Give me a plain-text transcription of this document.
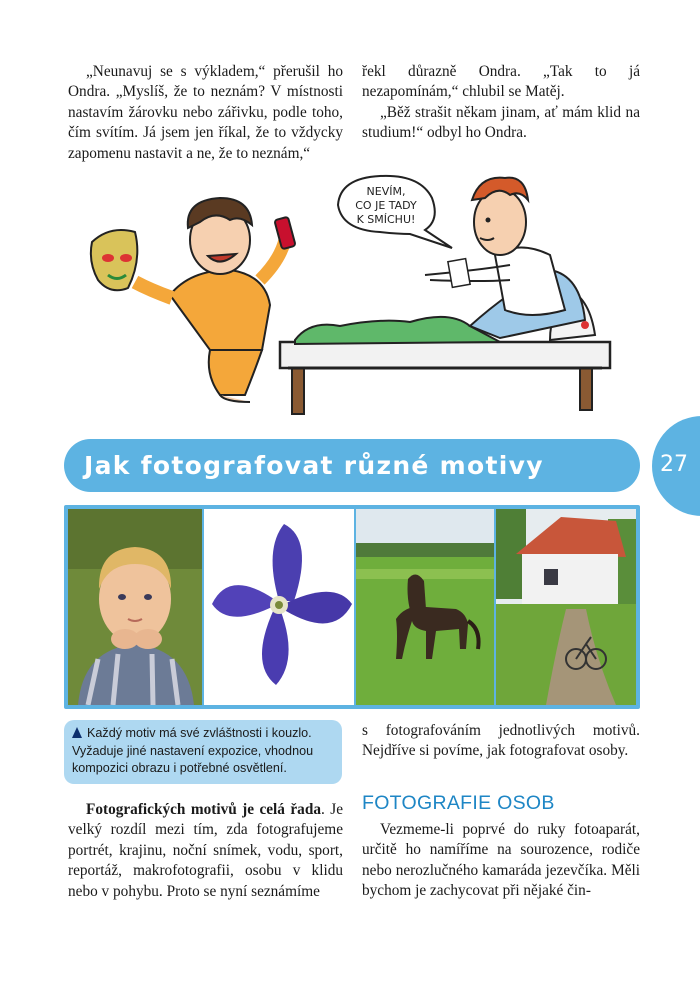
„Neunavuj se s výkladem,“ přerušil ho Ondra. „Myslíš, že to neznám? V místnosti nastavím žárovku nebo zářivku, podle toho, čím svítím. Já jsem jen říkal, že to vždycky zapomenu nastavit a ne, že to neznám,“

řekl důrazně Ondra. „Tak to já nezapomínám,“ chlubil se Matěj.

„Běž strašit někam jinam, ať mám klid na studium!“ odbyl ho Ondra.

NEVÍM,
CO JE TADY
K SMÍCHU!
Jak fotografovat různé motivy	27
Každý motiv má své zvláštnosti i kouzlo. Vyžaduje jiné nastavení expozice, vhodnou kompozici obrazu i potřebné osvětlení.

Fotografických motivů je celá řada. Je velký rozdíl mezi tím, zda fotografujeme portrét, krajinu, noční snímek, vodu, sport, reportáž, makrofotografii, osobu v klidu nebo v pohybu. Proto se nyní seznámíme

s fotografováním jednotlivých motivů. Nejdříve si povíme, jak fotografovat osoby.

FOTOGRAFIE OSOB

Vezmeme-li poprvé do ruky fotoaparát, určitě ho namíříme na sourozence, rodiče nebo nerozlučného kamaráda jezevčíka. Měli bychom je zachycovat při nějaké čin-
